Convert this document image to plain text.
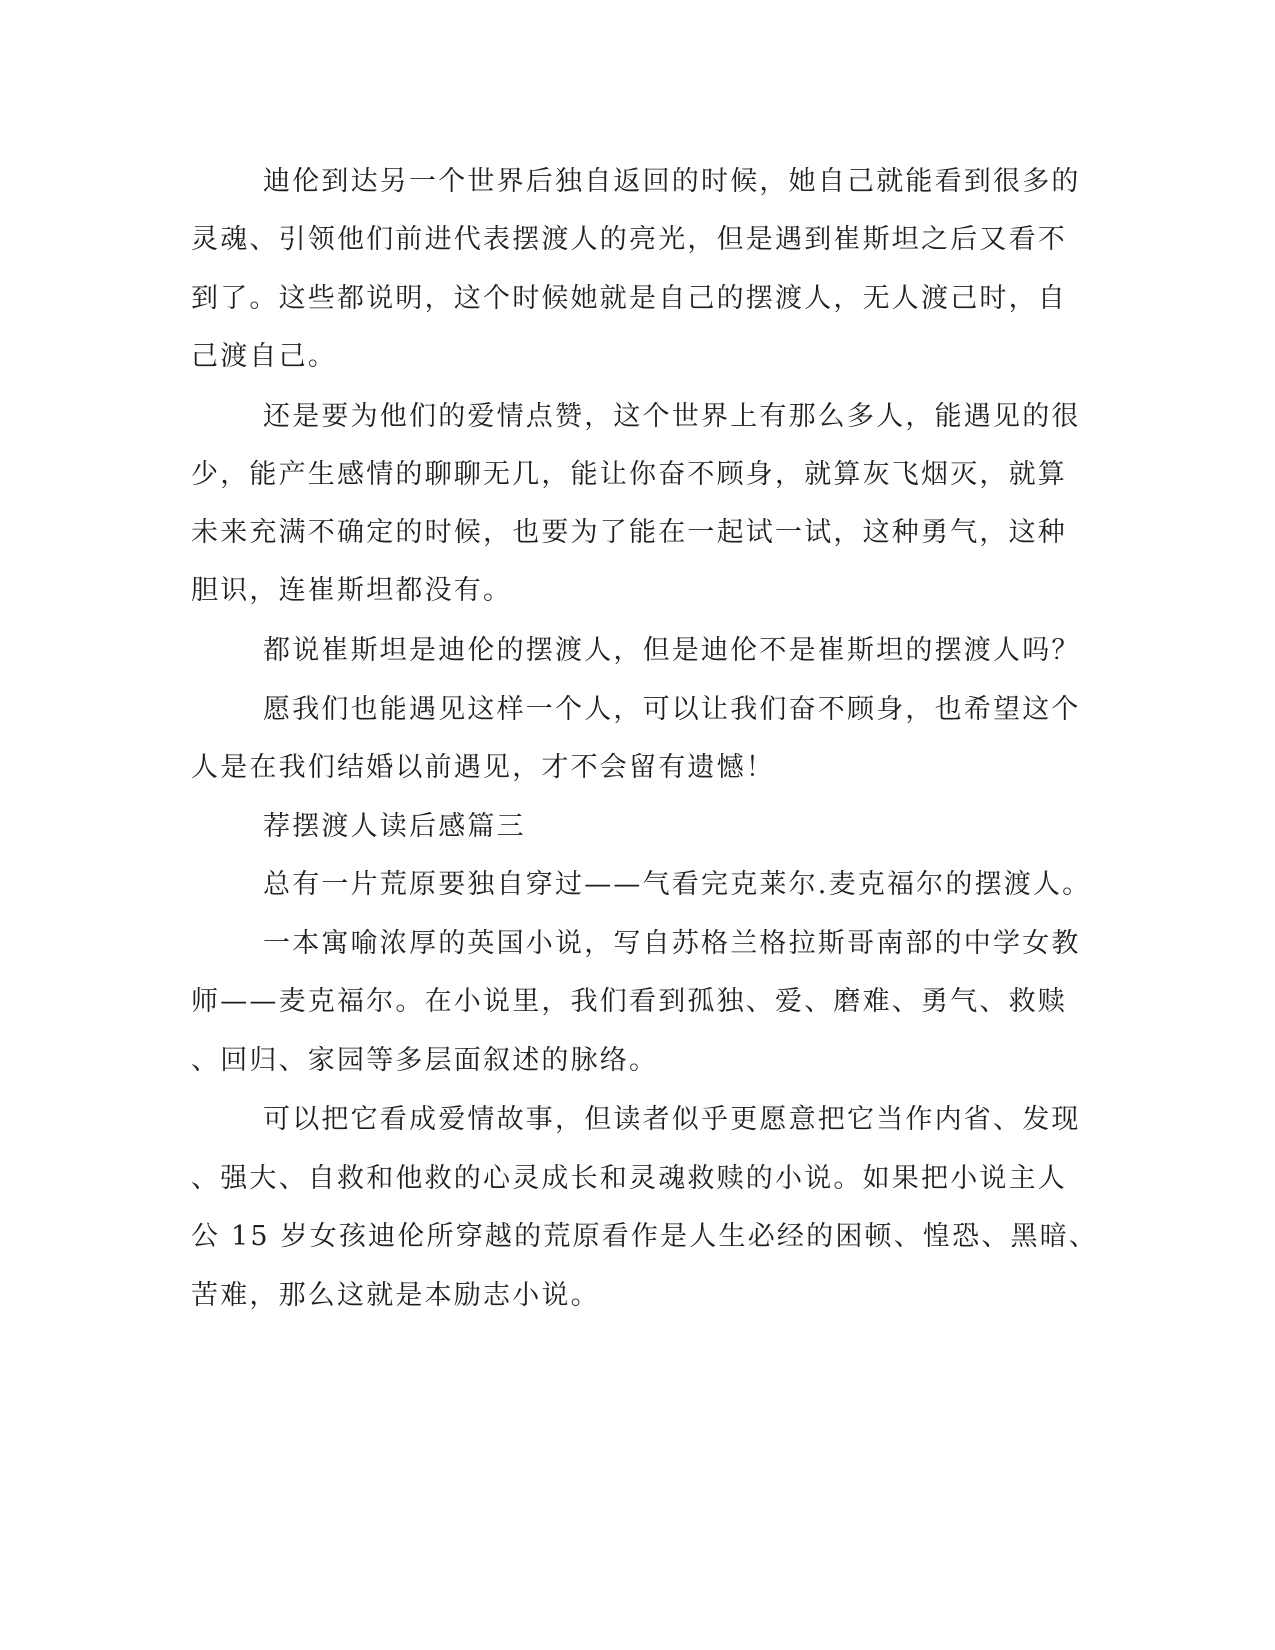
迪伦到达另一个世界后独自返回的时候，她自己就能看到很多的
灵魂、引领他们前进代表摆渡人的亮光，但是遇到崔斯坦之后又看不
到了。这些都说明，这个时候她就是自己的摆渡人，无人渡己时，自
己渡自己。
还是要为他们的爱情点赞，这个世界上有那么多人，能遇见的很
少，能产生感情的聊聊无几，能让你奋不顾身，就算灰飞烟灭，就算
未来充满不确定的时候，也要为了能在一起试一试，这种勇气，这种
胆识，连崔斯坦都没有。
都说崔斯坦是迪伦的摆渡人，但是迪伦不是崔斯坦的摆渡人吗？
愿我们也能遇见这样一个人，可以让我们奋不顾身，也希望这个
人是在我们结婚以前遇见，才不会留有遗憾！
荐摆渡人读后感篇三
总有一片荒原要独自穿过——气看完克莱尔.麦克福尔的摆渡人。
一本寓喻浓厚的英国小说，写自苏格兰格拉斯哥南部的中学女教
师——麦克福尔。在小说里，我们看到孤独、爱、磨难、勇气、救赎
、回归、家园等多层面叙述的脉络。
可以把它看成爱情故事，但读者似乎更愿意把它当作内省、发现
、强大、自救和他救的心灵成长和灵魂救赎的小说。如果把小说主人
公 15 岁女孩迪伦所穿越的荒原看作是人生必经的困顿、惶恐、黑暗、
苦难，那么这就是本励志小说。
